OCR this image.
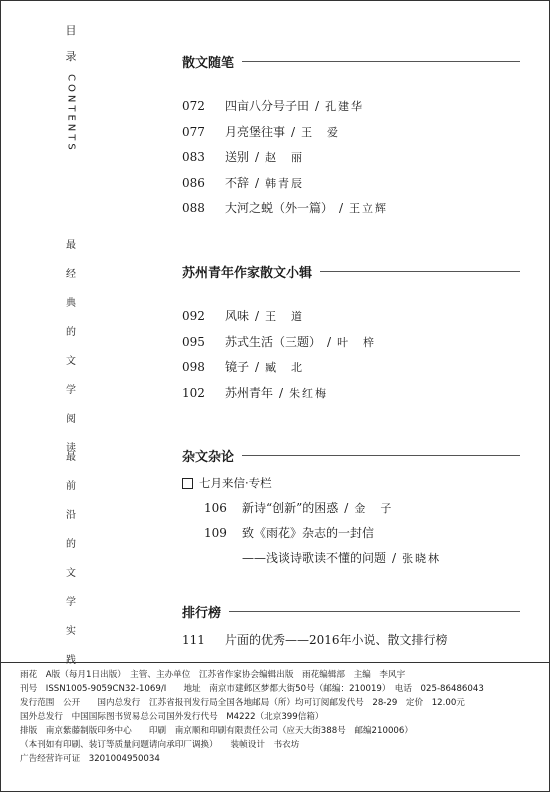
目
录
CONTENTS
最
经
典
的
文
学
阅
读
最
前
沿
的
文
学
实
践
散文随笔
072	四亩八分号子田 / 孔建华
077	月亮堡往事 / 王　爱
083	送别 / 赵　丽
086	不辞 / 韩青辰
088	大河之蜕（外一篇） / 王立辉
苏州青年作家散文小辑
092	风味 / 王　道
095	苏式生活（三题） / 叶　梓
098	镜子 / 臧　北
102	苏州青年 / 朱红梅
杂文杂论
七月来信·专栏
106	新诗“创新”的困惑 / 金　子
109	致《雨花》杂志的一封信
——浅谈诗歌读不懂的问题 / 张晓林
排行榜
111	片面的优秀——2016年小说、散文排行榜
雨花　A版（每月1日出版）　主管、主办单位　江苏省作家协会编辑出版　雨花编辑部　主编　李风宇
刊号　ISSN1005-9059CN32-1069/I　　地址　南京市建邺区梦都大街50号（邮编：210019）　电话　025-86486043
发行范围　公开　　国内总发行　江苏省报刊发行局全国各地邮局（所）均可订阅邮发代号　28-29　定价　12.00元
国外总发行　中国国际图书贸易总公司国外发行代号　M4222（北京399信箱）
排版　南京紫藤制版印务中心　　印刷　南京顺和印刷有限责任公司（应天大街388号　邮编210006）
（本刊如有印刷、装订等质量问题请向承印厂调换）　　装帧设计　书衣坊
广告经营许可证　3201004950034
